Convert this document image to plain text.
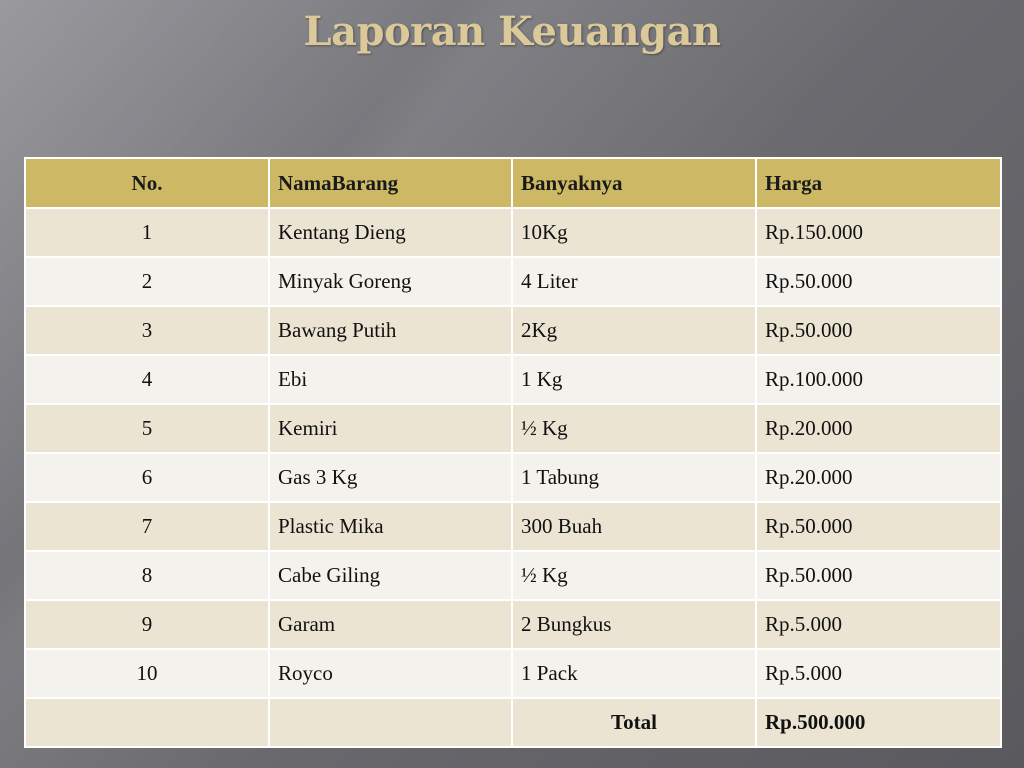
Laporan Keuangan
No.	NamaBarang	Banyaknya	Harga
1	Kentang Dieng	10Kg	Rp.150.000
2	Minyak Goreng	4 Liter	Rp.50.000
3	Bawang Putih	2Kg	Rp.50.000
4	Ebi	1 Kg	Rp.100.000
5	Kemiri	½ Kg	Rp.20.000
6	Gas 3 Kg	1 Tabung	Rp.20.000
7	Plastic Mika	300 Buah	Rp.50.000
8	Cabe Giling	½ Kg	Rp.50.000
9	Garam	2 Bungkus	Rp.5.000
10	Royco	1 Pack	Rp.5.000
		Total	Rp.500.000
